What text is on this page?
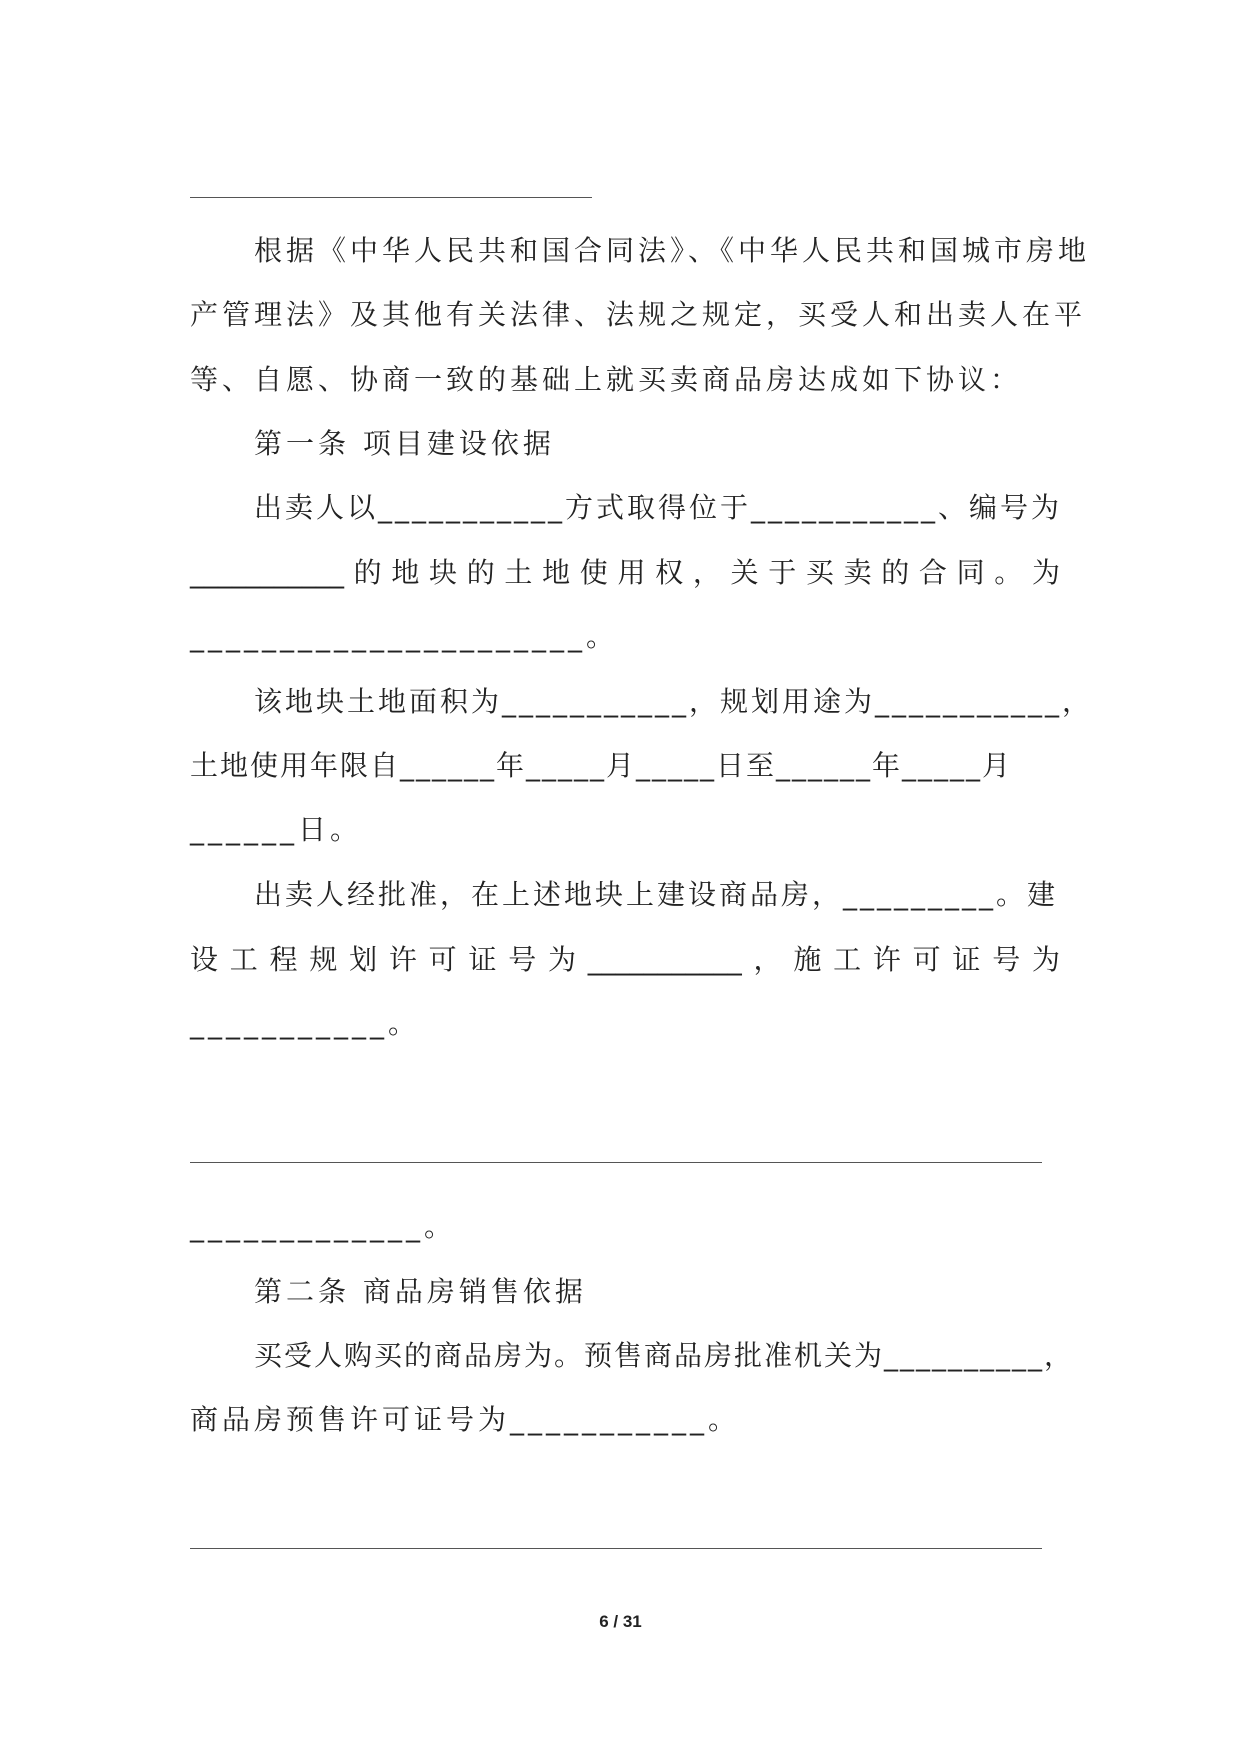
根据《中华人民共和国合同法》、《中华人民共和国城市房地
产管理法》及其他有关法律、法规之规定，买受人和出卖人在平
等、自愿、协商一致的基础上就买卖商品房达成如下协议：
第一条 项目建设依据
出卖人以___________方式取得位于___________、编号为
___________的地块的土地使用权，关于买卖的合同。为
______________________。
该地块土地面积为___________，规划用途为___________，
土地使用年限自______年_____月_____日至______年_____月
______日。
出卖人经批准，在上述地块上建设商品房，_________。建
设工程规划许可证号为___________，施工许可证号为
___________。
_____________。
第二条 商品房销售依据
买受人购买的商品房为。预售商品房批准机关为__________，
商品房预售许可证号为___________。
6 / 31
